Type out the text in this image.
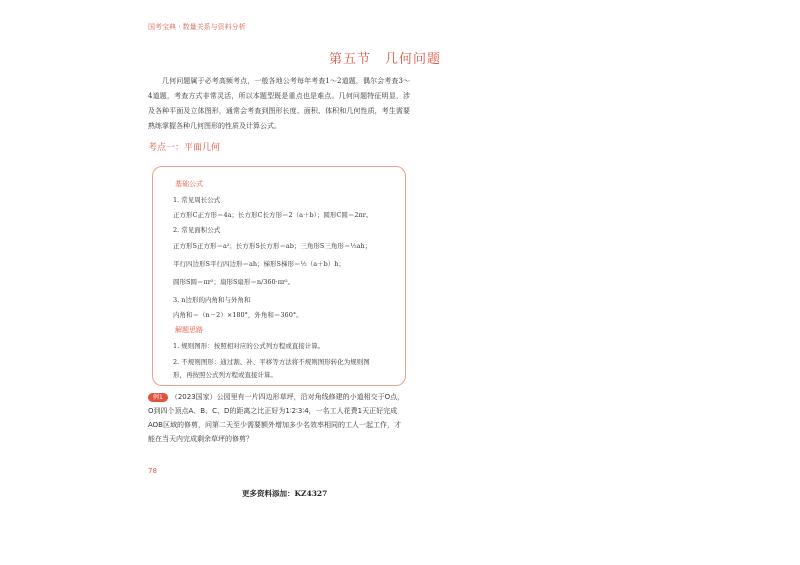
国考宝典 · 数量关系与资料分析
第五节　几何问题

几何问题属于必考高频考点，一般各地公考每年考查1～2道题，偶尔会考查3～4道题，考查方式非常灵活，所以本题型既是重点也是难点。几何问题特征明显，涉及各种平面及立体图形，通常会考查到图形长度、面积、体积和几何性质，考生需要熟练掌握各种几何图形的性质及计算公式。

考点一：平面几何
基础公式
1. 常见周长公式
正方形C正方形＝4a；长方形C长方形＝2（a＋b）；圆形C圆＝2πr。
2. 常见面积公式
正方形S正方形＝a²；长方形S长方形＝ab；三角形S三角形＝½ah；
平行四边形S平行四边形＝ah；梯形S梯形＝½（a＋b）h；
圆形S圆＝πr²；扇形S扇形＝n/360·πr²。
3. n边形的内角和与外角和
内角和＝（n－2）×180°，外角和＝360°。
解题思路
1. 规则图形：按照相对应的公式列方程或直接计算。
2. 不规则图形：通过割、补、平移等方法将不规则图形转化为规则图
形，再按照公式列方程或直接计算。
例1 （2023国家）公园里有一片四边形草坪，沿对角线修建的小道相交于O点，O到四个顶点A、B、C、D的距离之比正好为1∶2∶3∶4，一名工人花费1天正好完成AOB区域的修剪，问第二天至少需要额外增加多少名效率相同的工人一起工作，才能在当天内完成剩余草坪的修剪？
78
更多资料添加：KZ4327
